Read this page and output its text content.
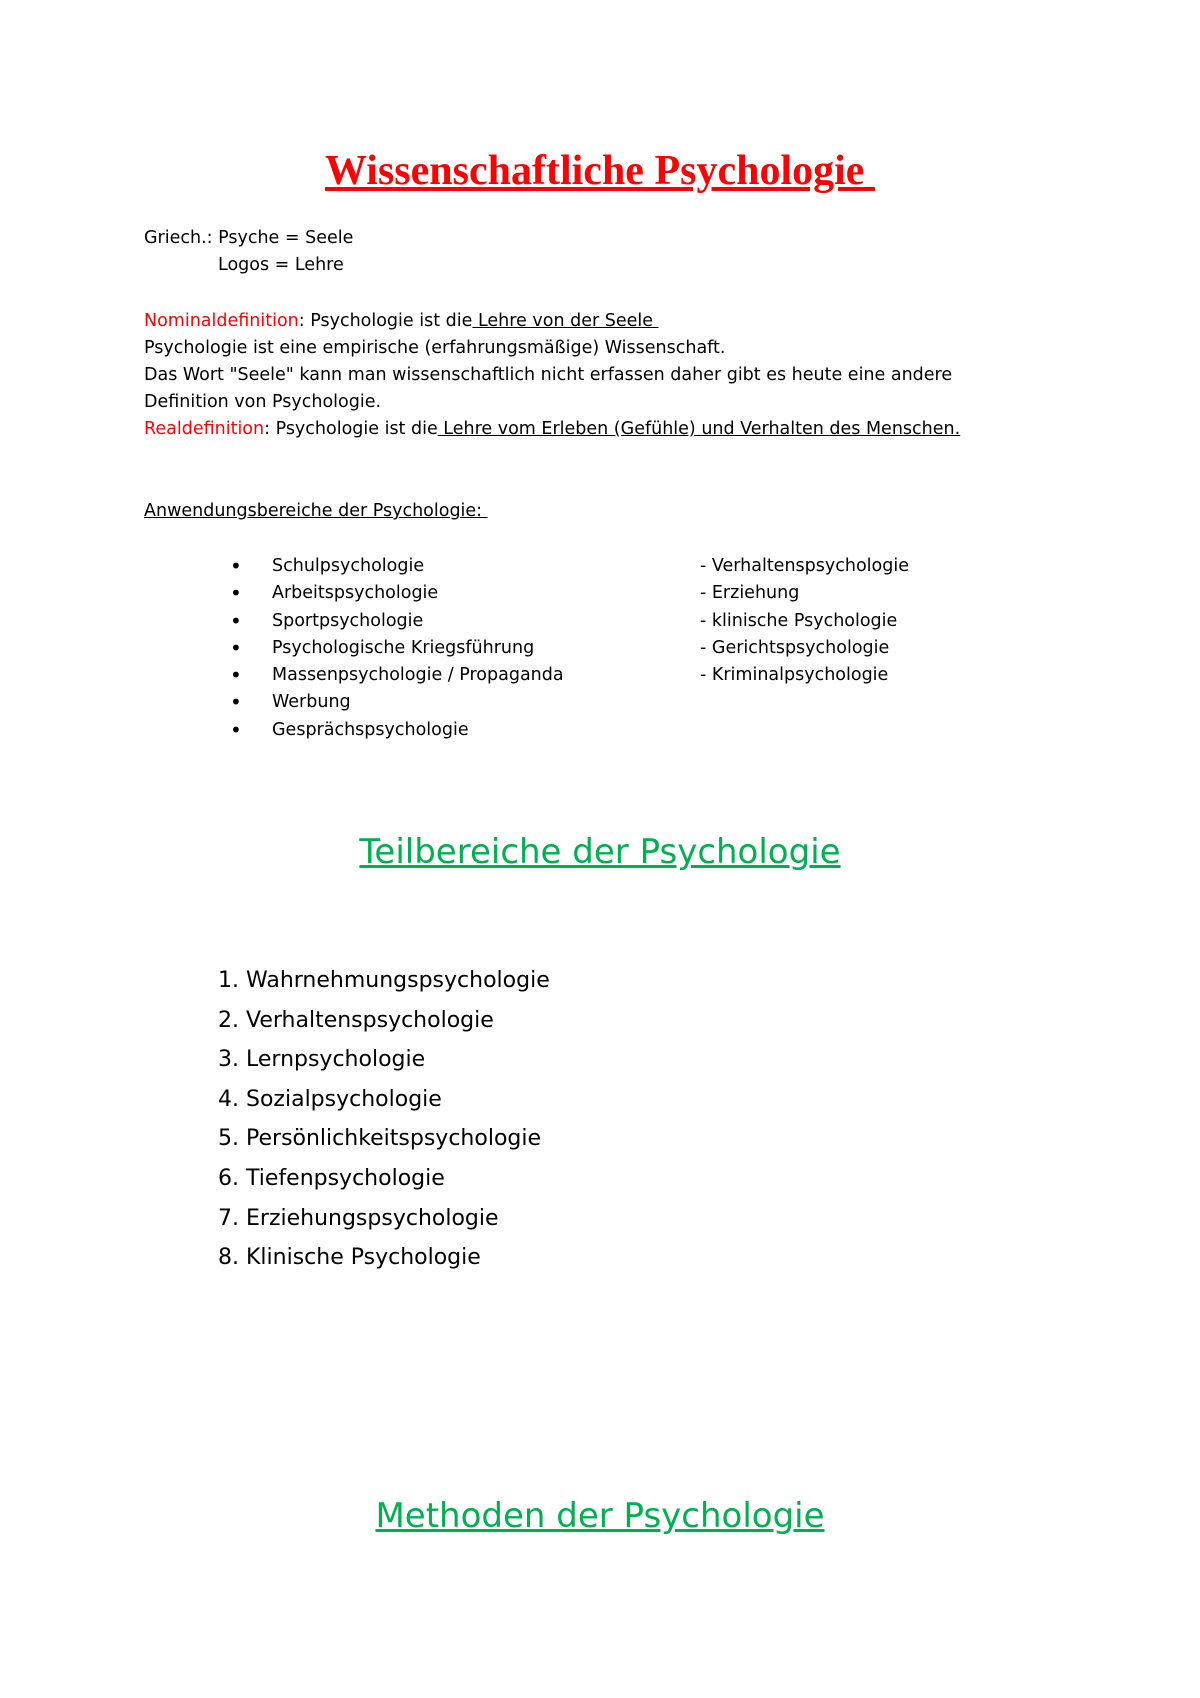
Wissenschaftliche Psychologie
Griech.: Psyche = Seele
Logos = Lehre
Nominaldefinition: Psychologie ist die Lehre von der Seele
Psychologie ist eine empirische (erfahrungsmäßige) Wissenschaft.
Das Wort "Seele" kann man wissenschaftlich nicht erfassen daher gibt es heute eine andere
Definition von Psychologie.
Realdefinition: Psychologie ist die Lehre vom Erleben (Gefühle) und Verhalten des Menschen.
Anwendungsbereiche der Psychologie:
• Schulpsychologie
• Arbeitspsychologie
• Sportpsychologie
• Psychologische Kriegsführung
• Massenpsychologie / Propaganda
• Werbung
• Gesprächspsychologie
- Verhaltenspsychologie
- Erziehung
- klinische Psychologie
- Gerichtspsychologie
- Kriminalpsychologie
Teilbereiche der Psychologie
1. Wahrnehmungspsychologie
2. Verhaltenspsychologie
3. Lernpsychologie
4. Sozialpsychologie
5. Persönlichkeitspsychologie
6. Tiefenpsychologie
7. Erziehungspsychologie
8. Klinische Psychologie
Methoden der Psychologie
